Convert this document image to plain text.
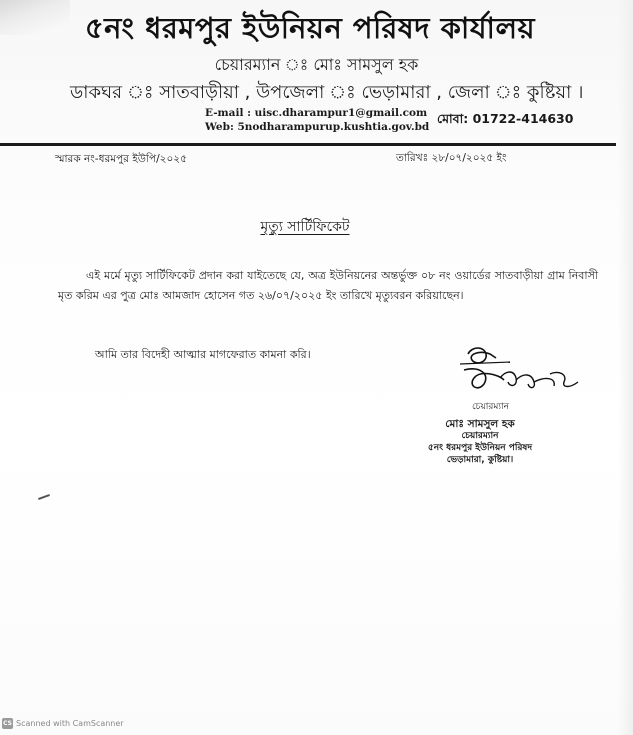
৫নং ধরমপুর ইউনিয়ন পরিষদ কার্যালয়
চেয়ারম্যান ঃ মোঃ সামসুল হক
ডাকঘর ঃ সাতবাড়ীয়া , উপজেলা ঃ ভেড়ামারা , জেলা ঃ কুষ্টিয়া ।
E-mail : uisc.dharampur1@gmail.com
Web: 5nodharampurup.kushtia.gov.bd
মোবা: 01722-414630
স্মারক নং-ধরমপুর ইউপি/২০২৫	তারিখঃ ২৮/০৭/২০২৫ ইং
মৃত্যু সার্টিফিকেট
এই মর্মে মৃত্যু সার্টিফিকেট প্রদান করা যাইতেছে যে, অত্র ইউনিয়নের অন্তর্ভুক্ত ০৮ নং ওয়ার্ডের সাতবাড়ীয়া গ্রাম নিবাসী মৃত করিম এর পুত্র মোঃ আমজাদ হোসেন গত ২৬/০৭/২০২৫ ইং তারিখে মৃত্যুবরন করিয়াছেন।
আমি তার বিদেহী আত্মার মাগফেরাত কামনা করি।
চেয়ারম্যান
মোঃ সামসুল হক
চেয়ারম্যান
৫নং ধরমপুর ইউনিয়ন পরিষদ
ভেড়ামারা, কুষ্টিয়া।
CS Scanned with CamScanner
